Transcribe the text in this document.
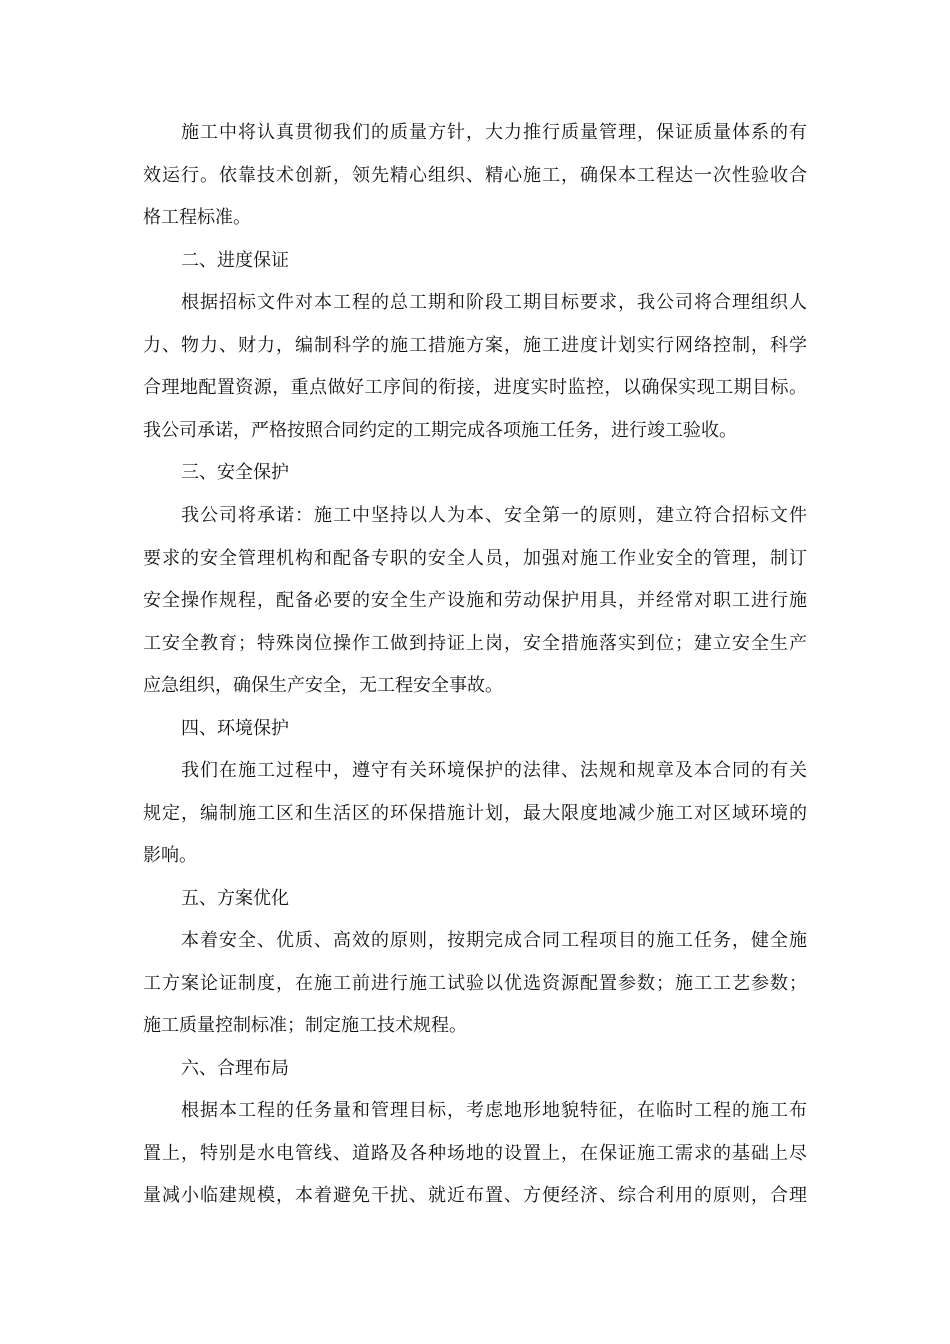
施工中将认真贯彻我们的质量方针，大力推行质量管理，保证质量体系的有
效运行。依靠技术创新，领先精心组织、精心施工，确保本工程达一次性验收合
格工程标准。
二、进度保证
根据招标文件对本工程的总工期和阶段工期目标要求，我公司将合理组织人
力、物力、财力，编制科学的施工措施方案，施工进度计划实行网络控制，科学
合理地配置资源，重点做好工序间的衔接，进度实时监控，以确保实现工期目标。
我公司承诺，严格按照合同约定的工期完成各项施工任务，进行竣工验收。
三、安全保护
我公司将承诺：施工中坚持以人为本、安全第一的原则，建立符合招标文件
要求的安全管理机构和配备专职的安全人员，加强对施工作业安全的管理，制订
安全操作规程，配备必要的安全生产设施和劳动保护用具，并经常对职工进行施
工安全教育；特殊岗位操作工做到持证上岗，安全措施落实到位；建立安全生产
应急组织，确保生产安全，无工程安全事故。
四、环境保护
我们在施工过程中，遵守有关环境保护的法律、法规和规章及本合同的有关
规定，编制施工区和生活区的环保措施计划，最大限度地减少施工对区域环境的
影响。
五、方案优化
本着安全、优质、高效的原则，按期完成合同工程项目的施工任务，健全施
工方案论证制度，在施工前进行施工试验以优选资源配置参数；施工工艺参数；
施工质量控制标准；制定施工技术规程。
六、合理布局
根据本工程的任务量和管理目标，考虑地形地貌特征，在临时工程的施工布
置上，特别是水电管线、道路及各种场地的设置上，在保证施工需求的基础上尽
量减小临建规模，本着避免干扰、就近布置、方便经济、综合利用的原则，合理
